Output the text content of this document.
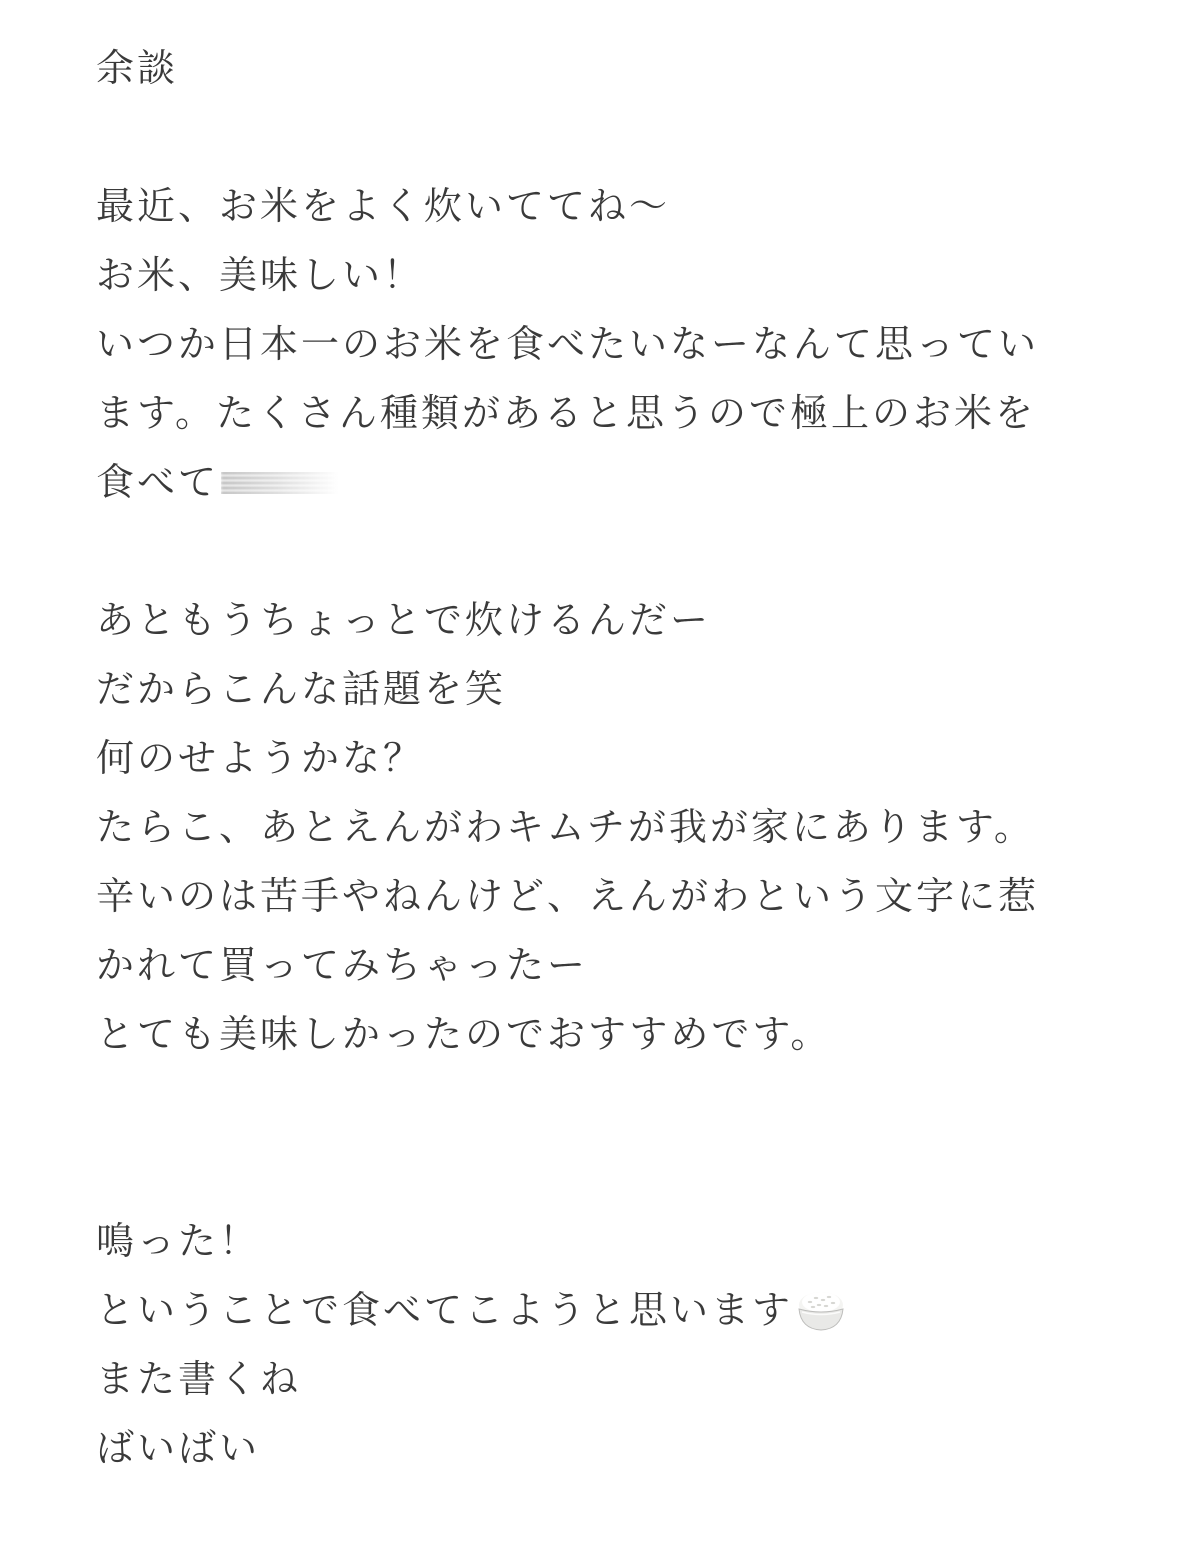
余談
最近、お米をよく炊いててね〜
お米、美味しい！
いつか日本一のお米を食べたいなーなんて思ってい
ます。たくさん種類があると思うので極上のお米を
食べて
あともうちょっとで炊けるんだー
だからこんな話題を笑
何のせようかな？
たらこ、あとえんがわキムチが我が家にあります。
辛いのは苦手やねんけど、えんがわという文字に惹
かれて買ってみちゃったー
とても美味しかったのでおすすめです。
鳴った！
ということで食べてこようと思います
また書くね
ばいばい
